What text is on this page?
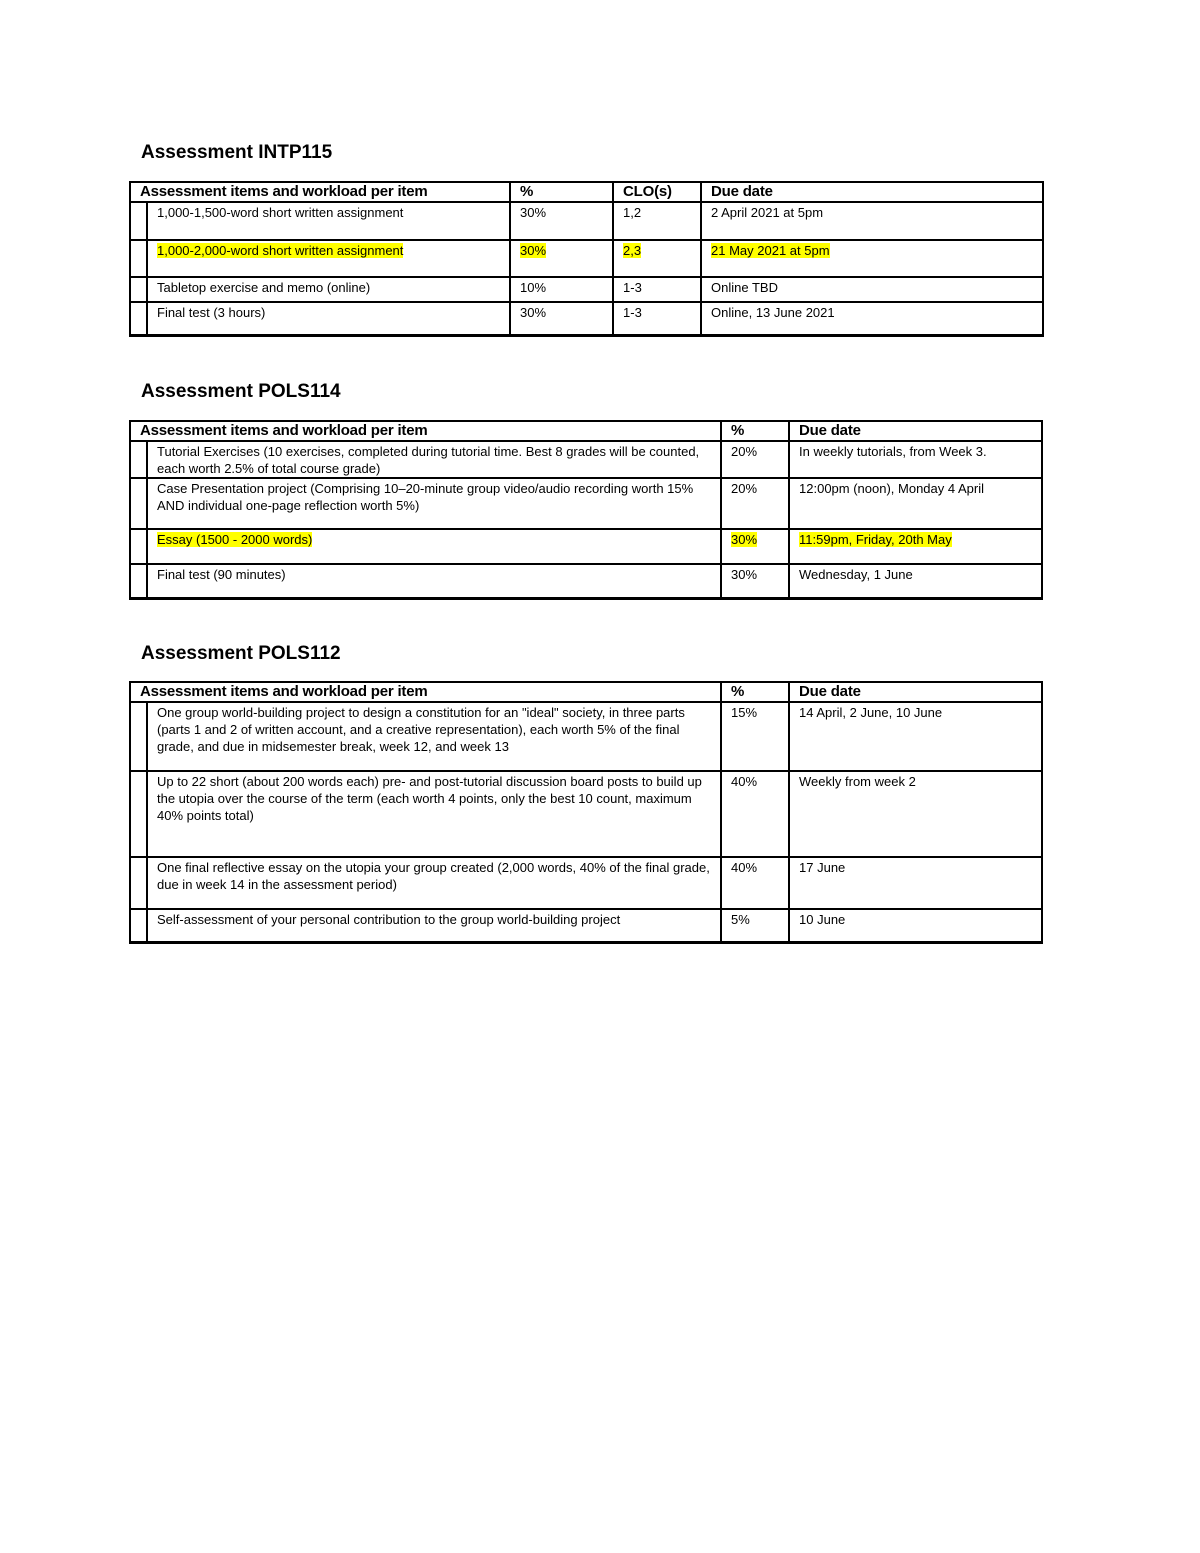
Assessment INTP115
Assessment items and workload per item		%	CLO(s)	Due date
	1,000-1,500-word short written assignment	30%	1,2	2 April 2021 at 5pm
	1,000-2,000-word short written assignment	30%	2,3	21 May 2021 at 5pm
	Tabletop exercise and memo (online)	10%	1-3	Online TBD
	Final test (3 hours)	30%	1-3	Online, 13 June 2021
Assessment POLS114
Assessment items and workload per item		%	Due date
	Tutorial Exercises (10 exercises, completed during tutorial time. Best 8 grades will be counted, each worth 2.5% of total course grade)	20%	In weekly tutorials, from Week 3.
	Case Presentation project (Comprising 10–20-minute group video/audio recording worth 15% AND individual one-page reflection worth 5%)	20%	12:00pm (noon), Monday 4 April
	Essay (1500 - 2000 words)	30%	11:59pm, Friday, 20th May
	Final test (90 minutes)	30%	Wednesday, 1 June
Assessment POLS112
Assessment items and workload per item		%	Due date
	One group world-building project to design a constitution for an "ideal" society, in three parts (parts 1 and 2 of written account, and a creative representation), each worth 5% of the final grade, and due in midsemester break, week 12, and week 13	15%	14 April, 2 June, 10 June
	Up to 22 short (about 200 words each) pre- and post-tutorial discussion board posts to build up the utopia over the course of the term (each worth 4 points, only the best 10 count, maximum 40% points total)	40%	Weekly from week 2
	One final reflective essay on the utopia your group created (2,000 words, 40% of the final grade, due in week 14 in the assessment period)	40%	17 June
	Self-assessment of your personal contribution to the group world-building project	5%	10 June
